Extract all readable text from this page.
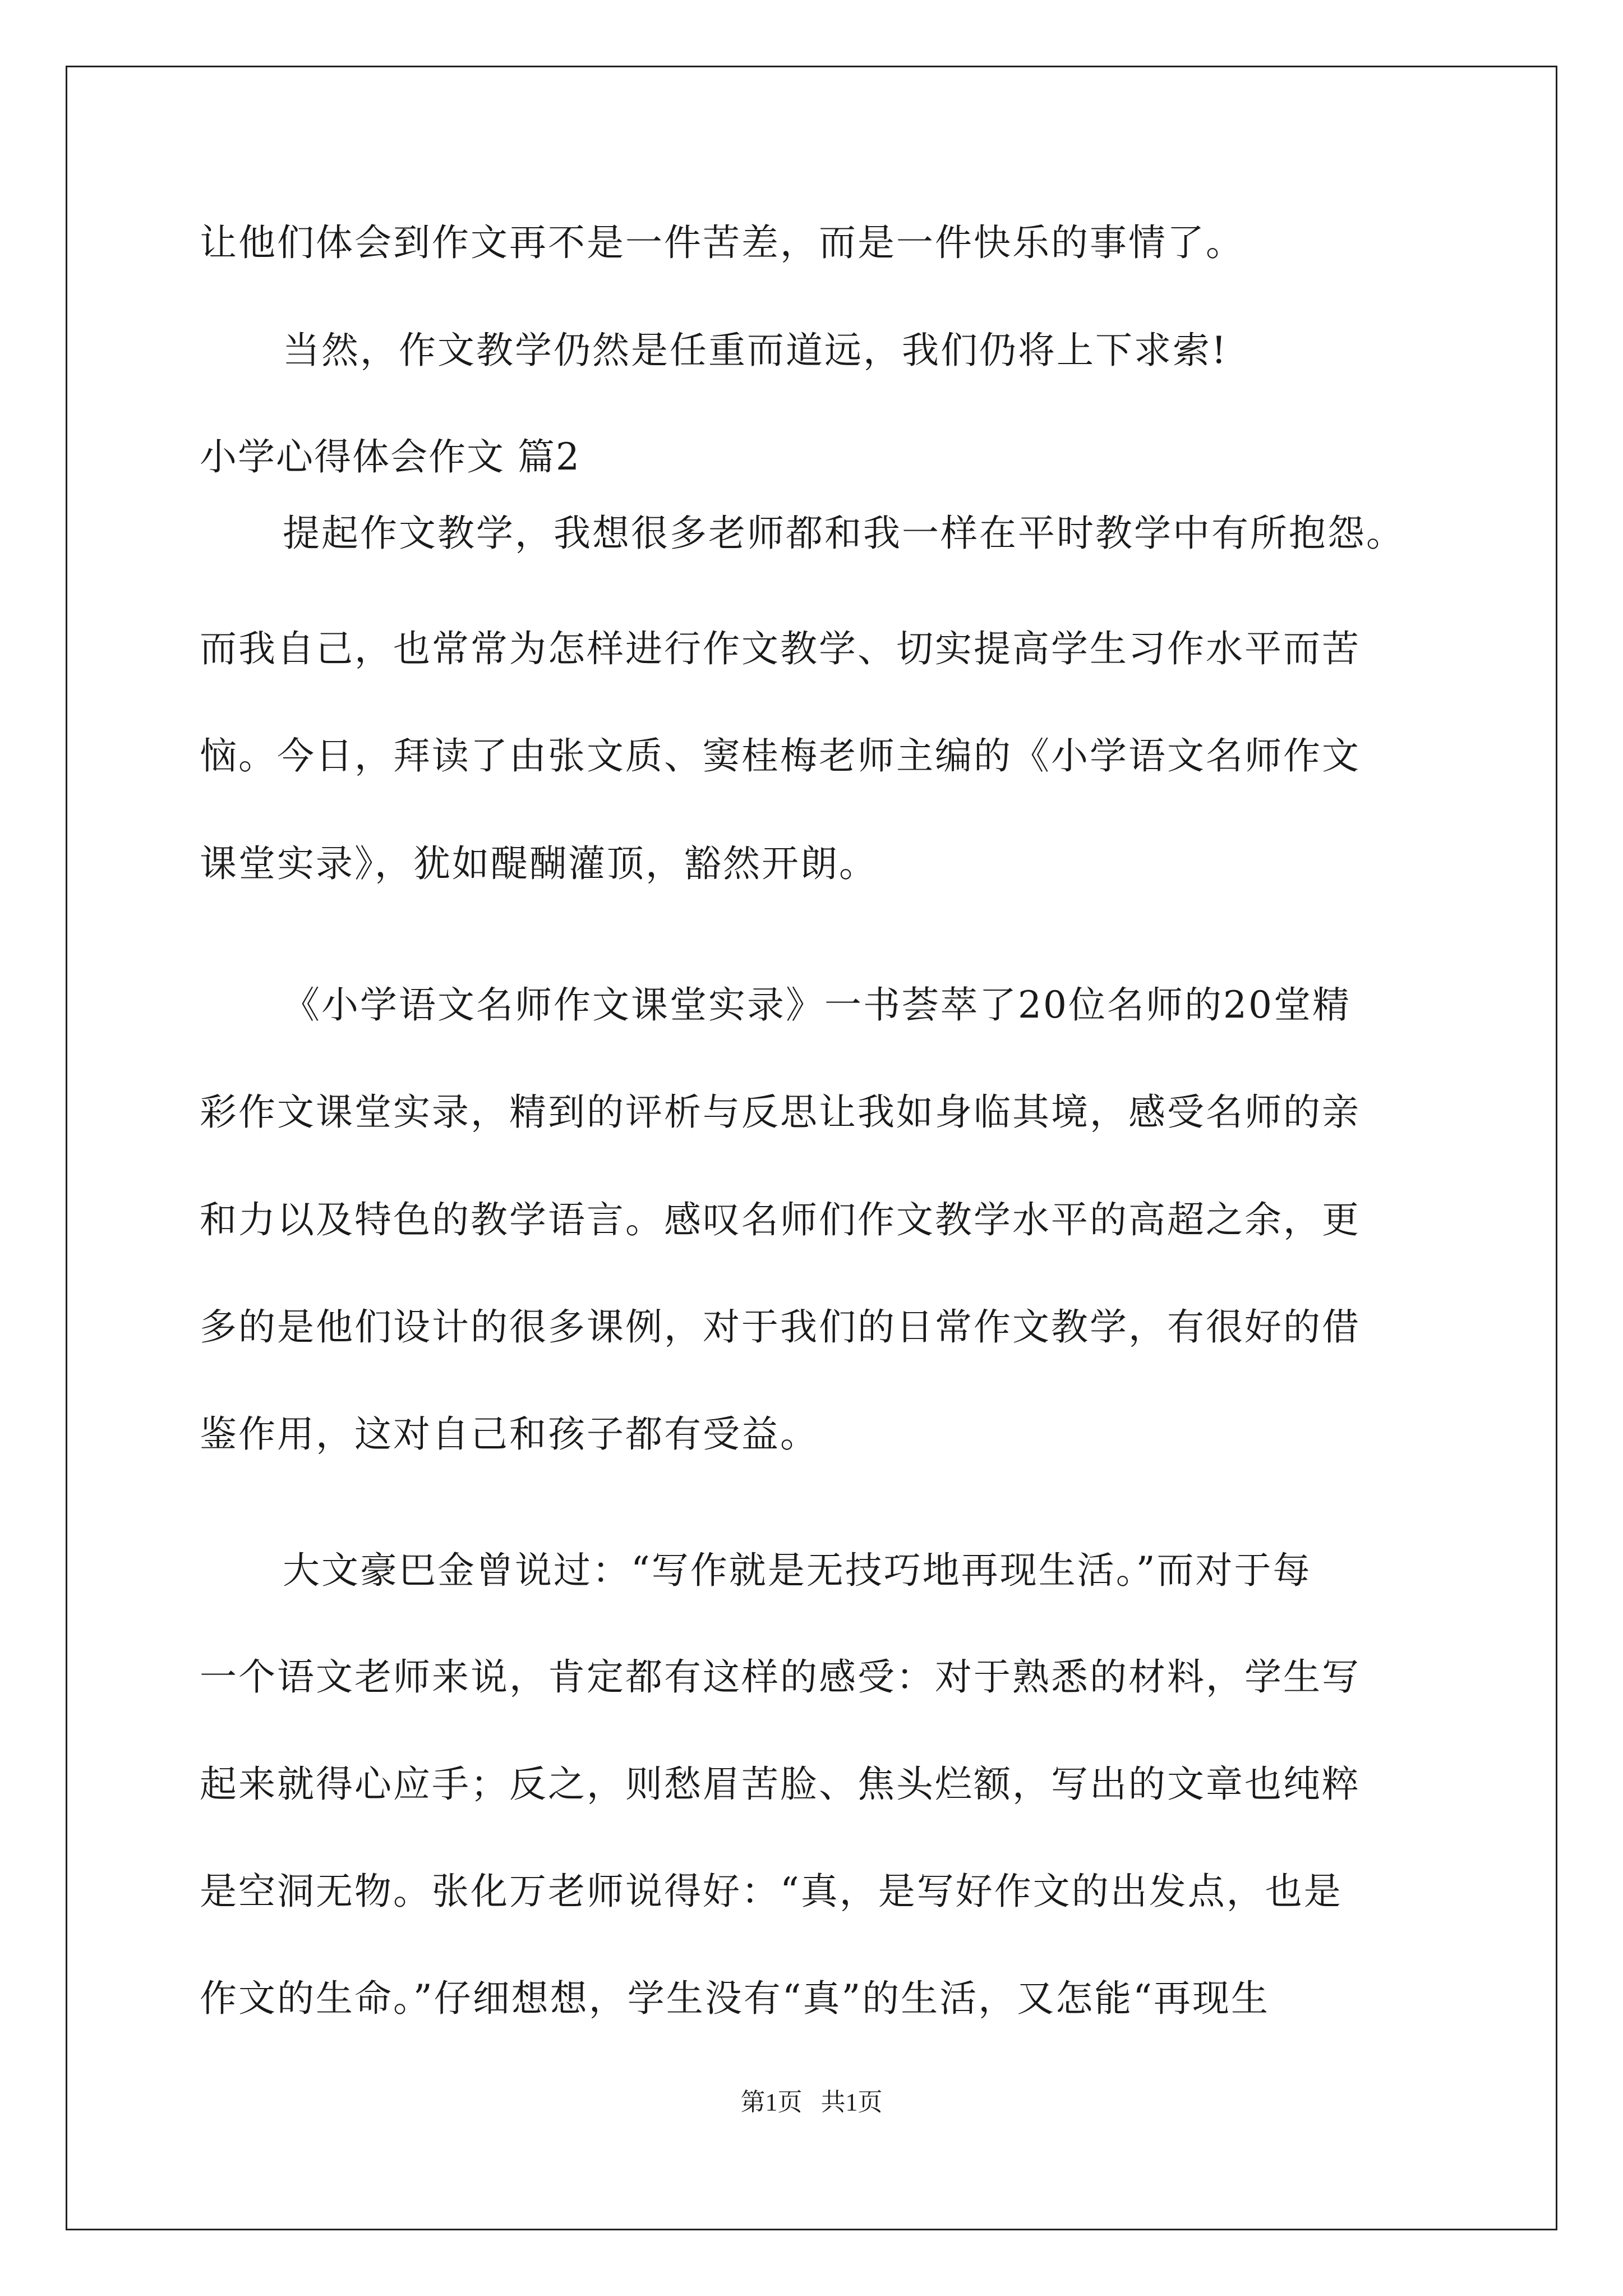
让他们体会到作文再不是一件苦差，而是一件快乐的事情了。
当然，作文教学仍然是任重而道远，我们仍将上下求索!
小学心得体会作文 篇2
提起作文教学，我想很多老师都和我一样在平时教学中有所抱怨。
而我自己，也常常为怎样进行作文教学、切实提高学生习作水平而苦
恼。今日，拜读了由张文质、窦桂梅老师主编的《小学语文名师作文
课堂实录》，犹如醍醐灌顶，豁然开朗。
《小学语文名师作文课堂实录》一书荟萃了20位名师的20堂精
彩作文课堂实录，精到的评析与反思让我如身临其境，感受名师的亲
和力以及特色的教学语言。感叹名师们作文教学水平的高超之余，更
多的是他们设计的很多课例，对于我们的日常作文教学，有很好的借
鉴作用，这对自己和孩子都有受益。
大文豪巴金曾说过：“写作就是无技巧地再现生活。”而对于每
一个语文老师来说，肯定都有这样的感受：对于熟悉的材料，学生写
起来就得心应手；反之，则愁眉苦脸、焦头烂额，写出的文章也纯粹
是空洞无物。张化万老师说得好：“真，是写好作文的出发点，也是
作文的生命。”仔细想想，学生没有“真”的生活，又怎能“再现生
第1页   共1页
